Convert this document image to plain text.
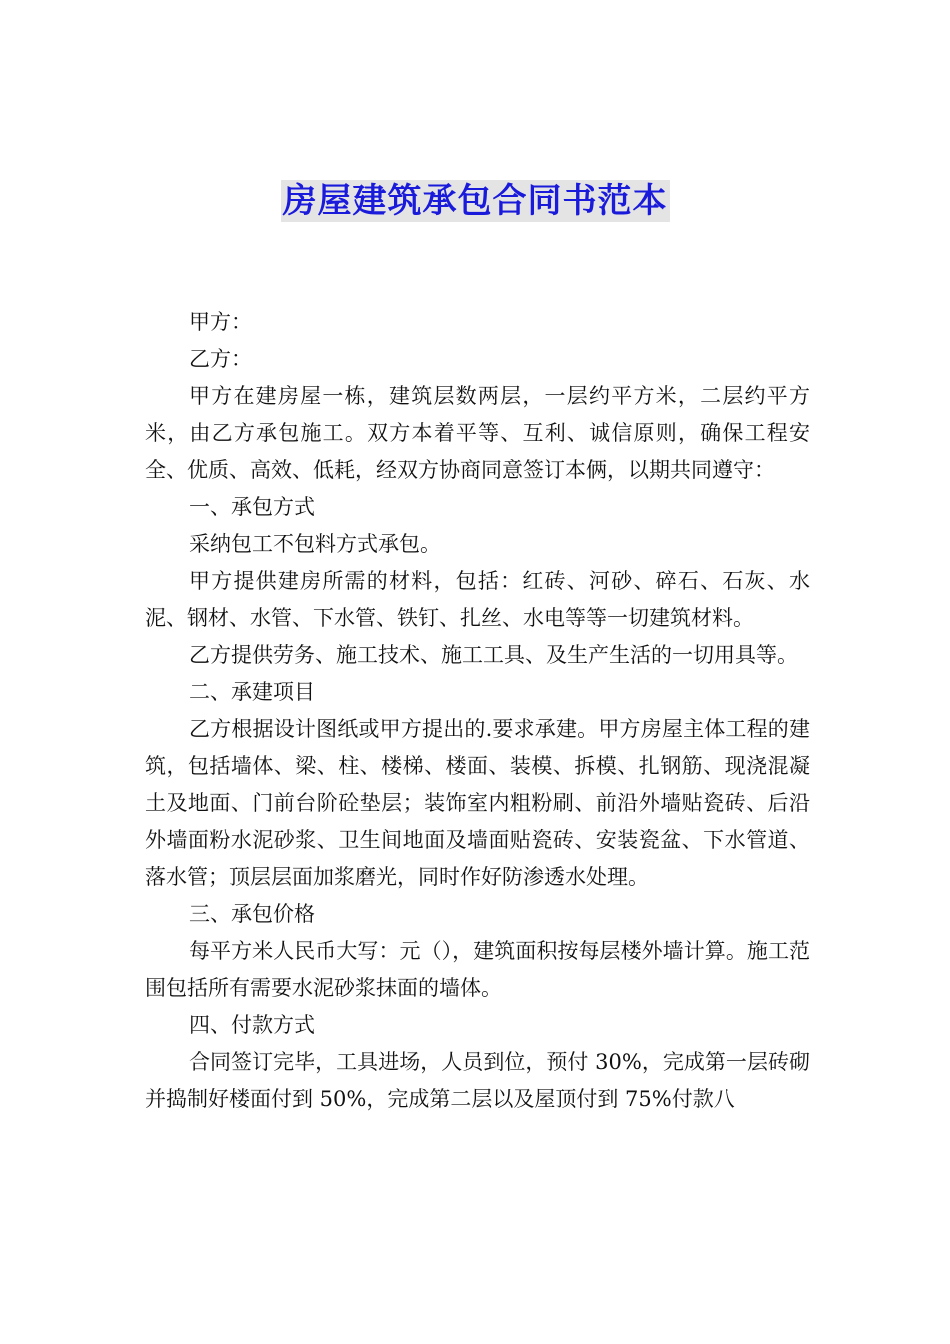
房屋建筑承包合同书范本

甲方：

乙方：

甲方在建房屋一栋，建筑层数两层，一层约平方米，二层约平方米，由乙方承包施工。双方本着平等、互利、诚信原则，确保工程安全、优质、高效、低耗，经双方协商同意签订本俩，以期共同遵守：

一、承包方式

采纳包工不包料方式承包。

甲方提供建房所需的材料，包括：红砖、河砂、碎石、石灰、水泥、钢材、水管、下水管、铁钉、扎丝、水电等等一切建筑材料。

乙方提供劳务、施工技术、施工工具、及生产生活的一切用具等。

二、承建项目

乙方根据设计图纸或甲方提出的.要求承建。甲方房屋主体工程的建筑，包括墙体、梁、柱、楼梯、楼面、装模、拆模、扎钢筋、现浇混凝土及地面、门前台阶砼垫层；装饰室内粗粉刷、前沿外墙贴瓷砖、后沿外墙面粉水泥砂浆、卫生间地面及墙面贴瓷砖、安装瓷盆、下水管道、落水管；顶层层面加浆磨光，同时作好防渗透水处理。

三、承包价格

每平方米人民币大写：元（），建筑面积按每层楼外墙计算。施工范围包括所有需要水泥砂浆抹面的墙体。

四、付款方式

合同签订完毕，工具进场，人员到位，预付 30%，完成第一层砖砌并捣制好楼面付到 50%，完成第二层以及屋顶付到 75%付款八
